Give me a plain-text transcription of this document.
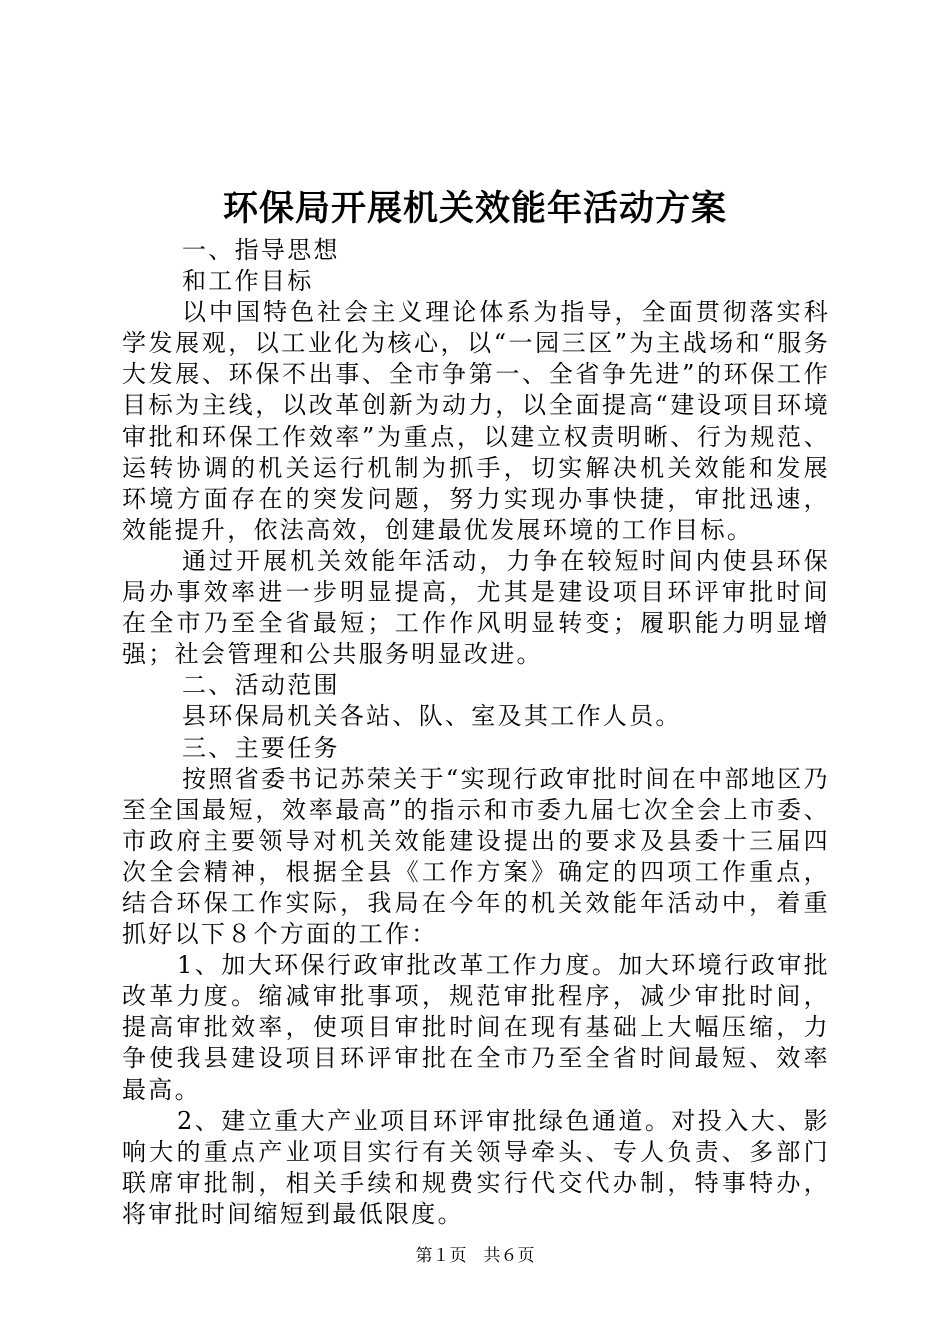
环保局开展机关效能年活动方案

一、指导思想

和工作目标

以中国特色社会主义理论体系为指导，全面贯彻落实科学发展观，以工业化为核心，以“一园三区”为主战场和“服务大发展、环保不出事、全市争第一、全省争先进”的环保工作目标为主线，以改革创新为动力，以全面提高“建设项目环境审批和环保工作效率”为重点，以建立权责明晰、行为规范、运转协调的机关运行机制为抓手，切实解决机关效能和发展环境方面存在的突发问题，努力实现办事快捷，审批迅速，效能提升，依法高效，创建最优发展环境的工作目标。

通过开展机关效能年活动，力争在较短时间内使县环保局办事效率进一步明显提高，尤其是建设项目环评审批时间在全市乃至全省最短；工作作风明显转变；履职能力明显增强；社会管理和公共服务明显改进。

二、活动范围

县环保局机关各站、队、室及其工作人员。

三、主要任务

按照省委书记苏荣关于“实现行政审批时间在中部地区乃至全国最短，效率最高”的指示和市委九届七次全会上市委、市政府主要领导对机关效能建设提出的要求及县委十三届四次全会精神，根据全县《工作方案》确定的四项工作重点，结合环保工作实际，我局在今年的机关效能年活动中，着重抓好以下８个方面的工作：

1、加大环保行政审批改革工作力度。加大环境行政审批改革力度。缩减审批事项，规范审批程序，减少审批时间，提高审批效率，使项目审批时间在现有基础上大幅压缩，力争使我县建设项目环评审批在全市乃至全省时间最短、效率最高。

2、建立重大产业项目环评审批绿色通道。对投入大、影响大的重点产业项目实行有关领导牵头、专人负责、多部门联席审批制，相关手续和规费实行代交代办制，特事特办，将审批时间缩短到最低限度。

第１页　共６页
